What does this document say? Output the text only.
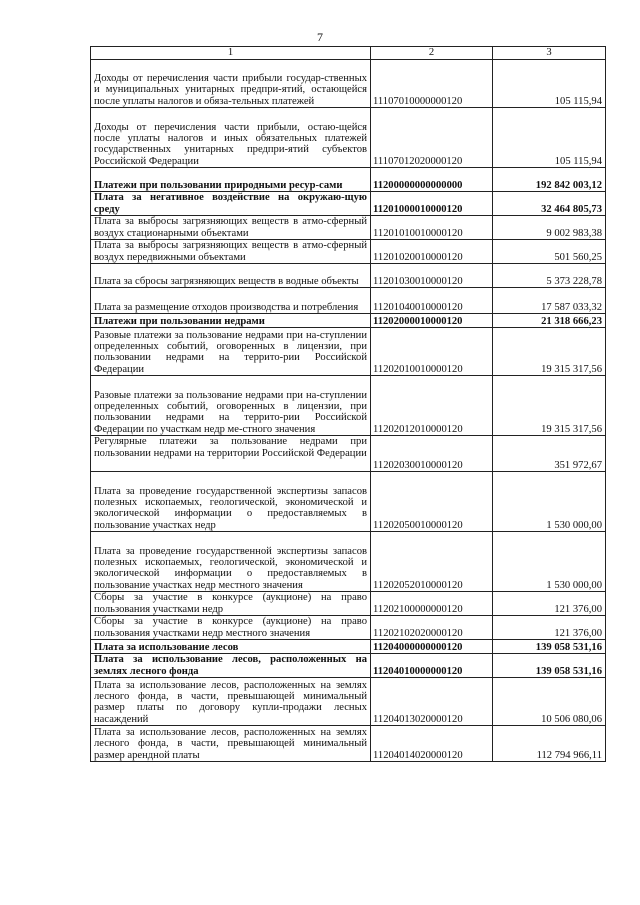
7
1	2	3
Доходы от перечисления части прибыли государ-ственных и муниципальных унитарных предпри-ятий, остающейся после уплаты налогов и обяза-тельных платежей	11107010000000120	105 115,94
Доходы от перечисления части прибыли, остаю-щейся после уплаты налогов и иных обязательных платежей государственных унитарных предпри-ятий субъектов Российской Федерации	11107012020000120	105 115,94
Платежи при пользовании природными ресур-сами	11200000000000000	192 842 003,12
Плата за негативное воздействие на окружаю-щую среду	11201000010000120	32 464 805,73
Плата за выбросы загрязняющих веществ в атмо-сферный воздух стационарными объектами	11201010010000120	9 002 983,38
Плата за выбросы загрязняющих веществ в атмо-сферный воздух передвижными объектами	11201020010000120	501 560,25
Плата за сбросы загрязняющих веществ в водные объекты	11201030010000120	5 373 228,78
Плата за размещение отходов производства и потребления	11201040010000120	17 587 033,32
Платежи при пользовании недрами	11202000010000120	21 318 666,23
Разовые платежи за пользование недрами при на-ступлении определенных событий, оговоренных в лицензии, при пользовании недрами на террито-рии Российской Федерации	11202010010000120	19 315 317,56
Разовые платежи за пользование недрами при на-ступлении определенных событий, оговоренных в лицензии, при пользовании недрами на террито-рии Российской Федерации по участкам недр ме-стного значения	11202012010000120	19 315 317,56
Регулярные платежи за пользование недрами при пользовании недрами на территории Российской Федерации	11202030010000120	351 972,67
Плата за проведение государственной экспертизы запасов полезных ископаемых, геологической, экономической и экологической информации о предоставляемых в пользование участках недр	11202050010000120	1 530 000,00
Плата за проведение государственной экспертизы запасов полезных ископаемых, геологической, экономической и экологической информации о предоставляемых в пользование участках недр местного значения	11202052010000120	1 530 000,00
Сборы за участие в конкурсе (аукционе) на право пользования участками недр	11202100000000120	121 376,00
Сборы за участие в конкурсе (аукционе) на право пользования участками недр местного значения	11202102020000120	121 376,00
Плата за использование лесов	11204000000000120	139 058 531,16
Плата за использование лесов, расположенных на землях лесного фонда	11204010000000120	139 058 531,16
Плата за использование лесов, расположенных на землях лесного фонда, в части, превышающей минимальный размер платы по договору купли-продажи лесных насаждений	11204013020000120	10 506 080,06
Плата за использование лесов, расположенных на землях лесного фонда, в части, превышающей минимальный размер арендной платы	11204014020000120	112 794 966,11
